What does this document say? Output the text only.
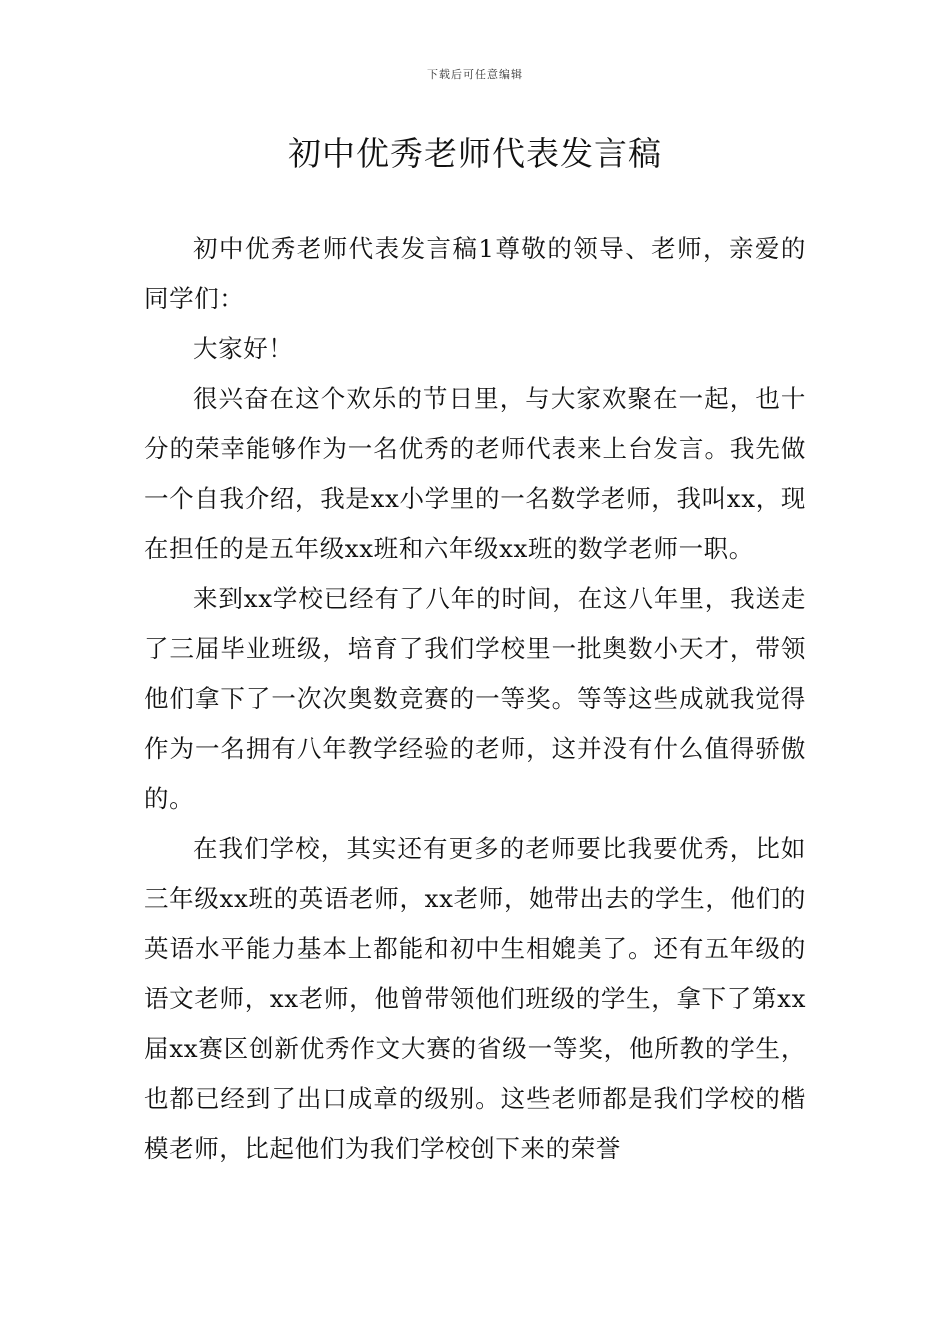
下载后可任意编辑
初中优秀老师代表发言稿

初中优秀老师代表发言稿1尊敬的领导、老师，亲爱的同学们：

大家好！

很兴奋在这个欢乐的节日里，与大家欢聚在一起，也十分的荣幸能够作为一名优秀的老师代表来上台发言。我先做一个自我介绍，我是xx小学里的一名数学老师，我叫xx，现在担任的是五年级xx班和六年级xx班的数学老师一职。

来到xx学校已经有了八年的时间，在这八年里，我送走了三届毕业班级，培育了我们学校里一批奥数小天才，带领他们拿下了一次次奥数竞赛的一等奖。等等这些成就我觉得作为一名拥有八年教学经验的老师，这并没有什么值得骄傲的。

在我们学校，其实还有更多的老师要比我要优秀，比如三年级xx班的英语老师，xx老师，她带出去的学生，他们的英语水平能力基本上都能和初中生相媲美了。还有五年级的语文老师，xx老师，他曾带领他们班级的学生，拿下了第xx届xx赛区创新优秀作文大赛的省级一等奖，他所教的学生，也都已经到了出口成章的级别。这些老师都是我们学校的楷模老师，比起他们为我们学校创下来的荣誉
